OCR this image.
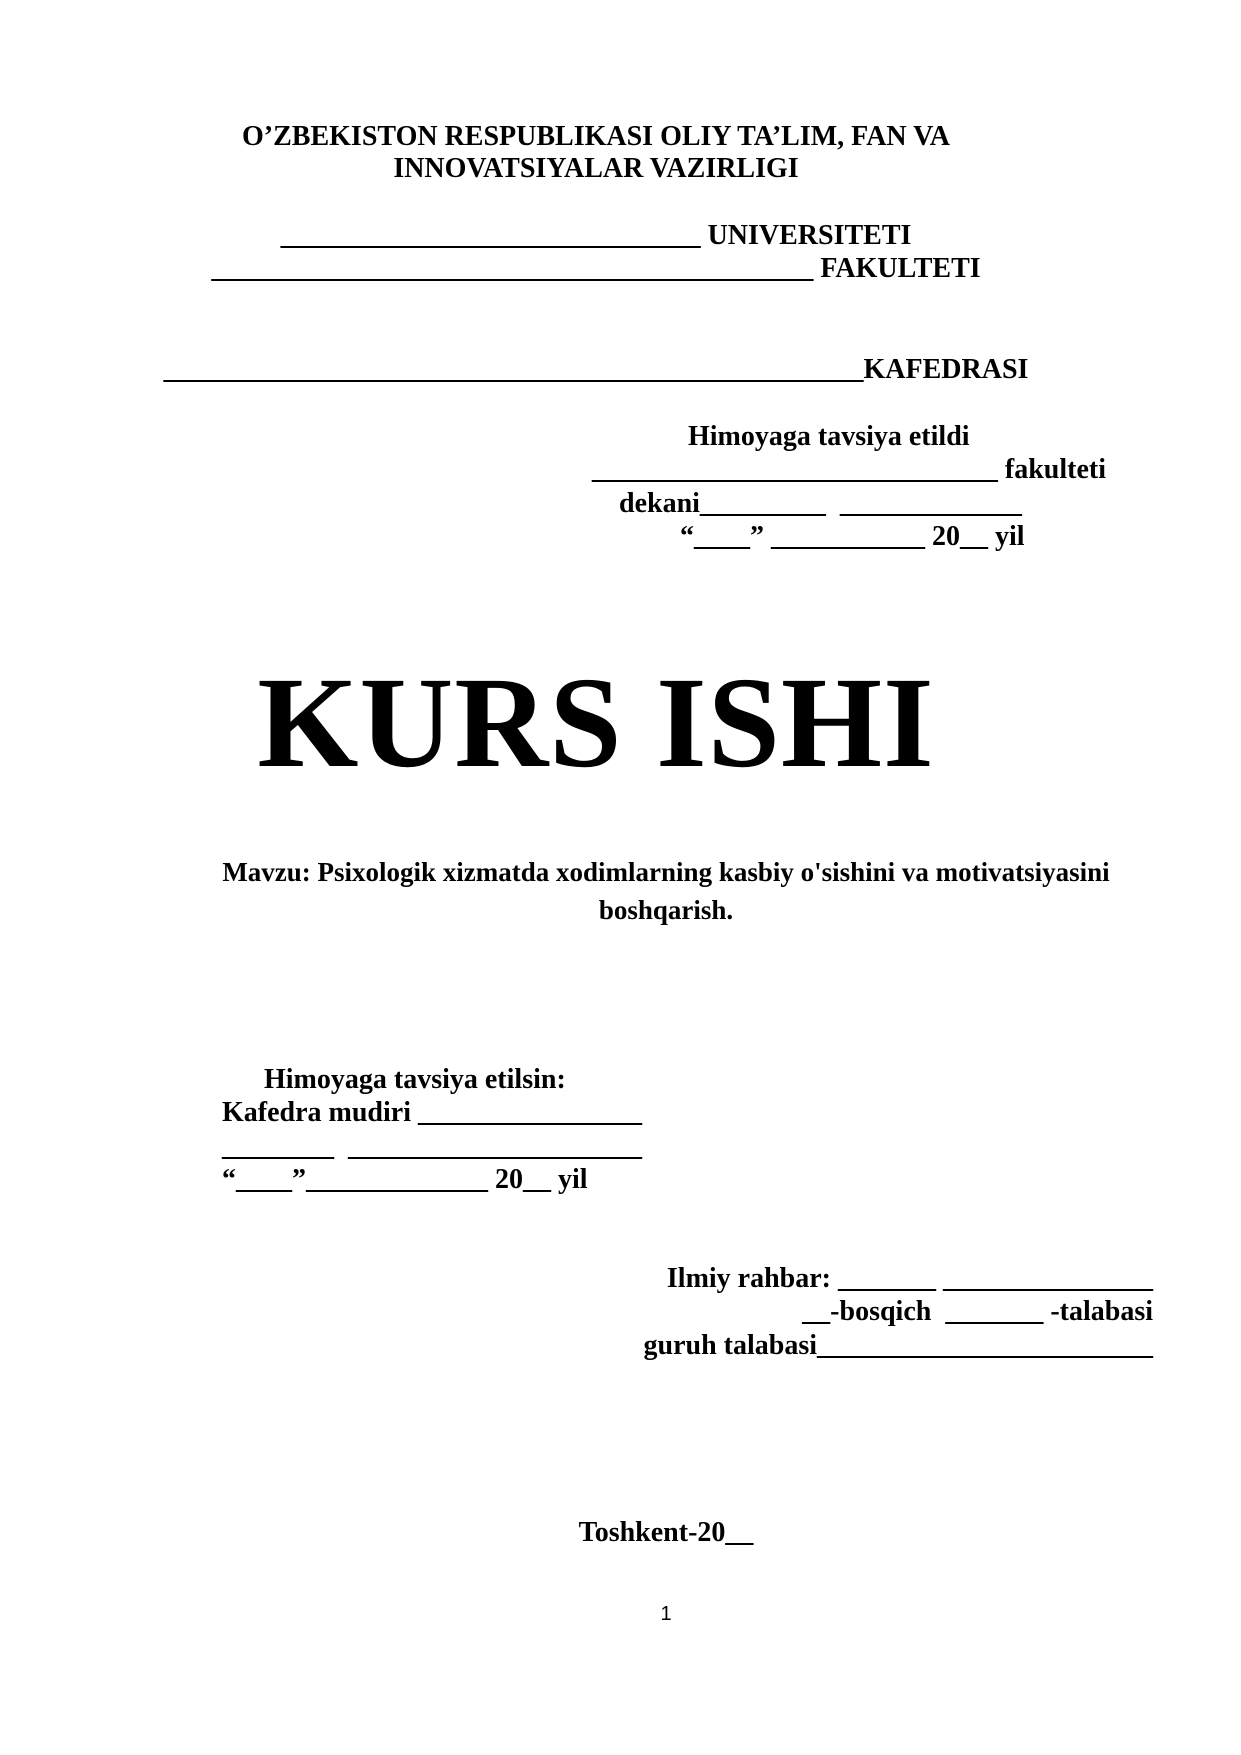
O’ZBEKISTON RESPUBLIKASI OLIY TA’LIM, FAN VA
INNOVATSIYALAR VAZIRLIGI
______________________________ UNIVERSITETI
___________________________________________ FAKULTETI
__________________________________________________KAFEDRASI
Himoyaga tavsiya etildi
_____________________________ fakulteti
dekani_________  _____________
“____” ___________ 20__ yil
KURS ISHI
Mavzu: Psixologik xizmatda xodimlarning kasbiy o'sishini va motivatsiyasini
boshqarish.
Himoyaga tavsiya etilsin:
Kafedra mudiri ________________
________  _____________________
“____”_____________ 20__ yil
Ilmiy rahbar: _______ _______________
__-bosqich  _______ -talabasi
guruh talabasi________________________
Toshkent-20__
1
